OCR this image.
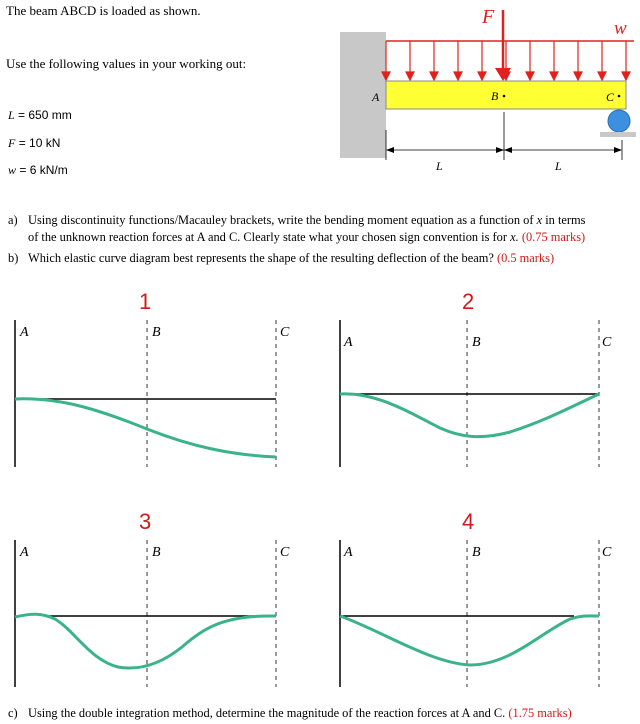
The beam ABCD is loaded as shown.
Use the following values in your working out:
L = 650 mm
F = 10 kN
w = 6 kN/m
F
w
A	B	C
L	L
a) Using discontinuity functions/Macauley brackets, write the bending moment equation as a function of x in terms
of the unknown reaction forces at A and C. Clearly state what your chosen sign convention is for x. (0.75 marks)
b) Which elastic curve diagram best represents the shape of the resulting deflection of the beam? (0.5 marks)
1	2
3	4
A	B	C
A	B	C
A	B	C	A	B	C
c) Using the double integration method, determine the magnitude of the reaction forces at A and C. (1.75 marks)
